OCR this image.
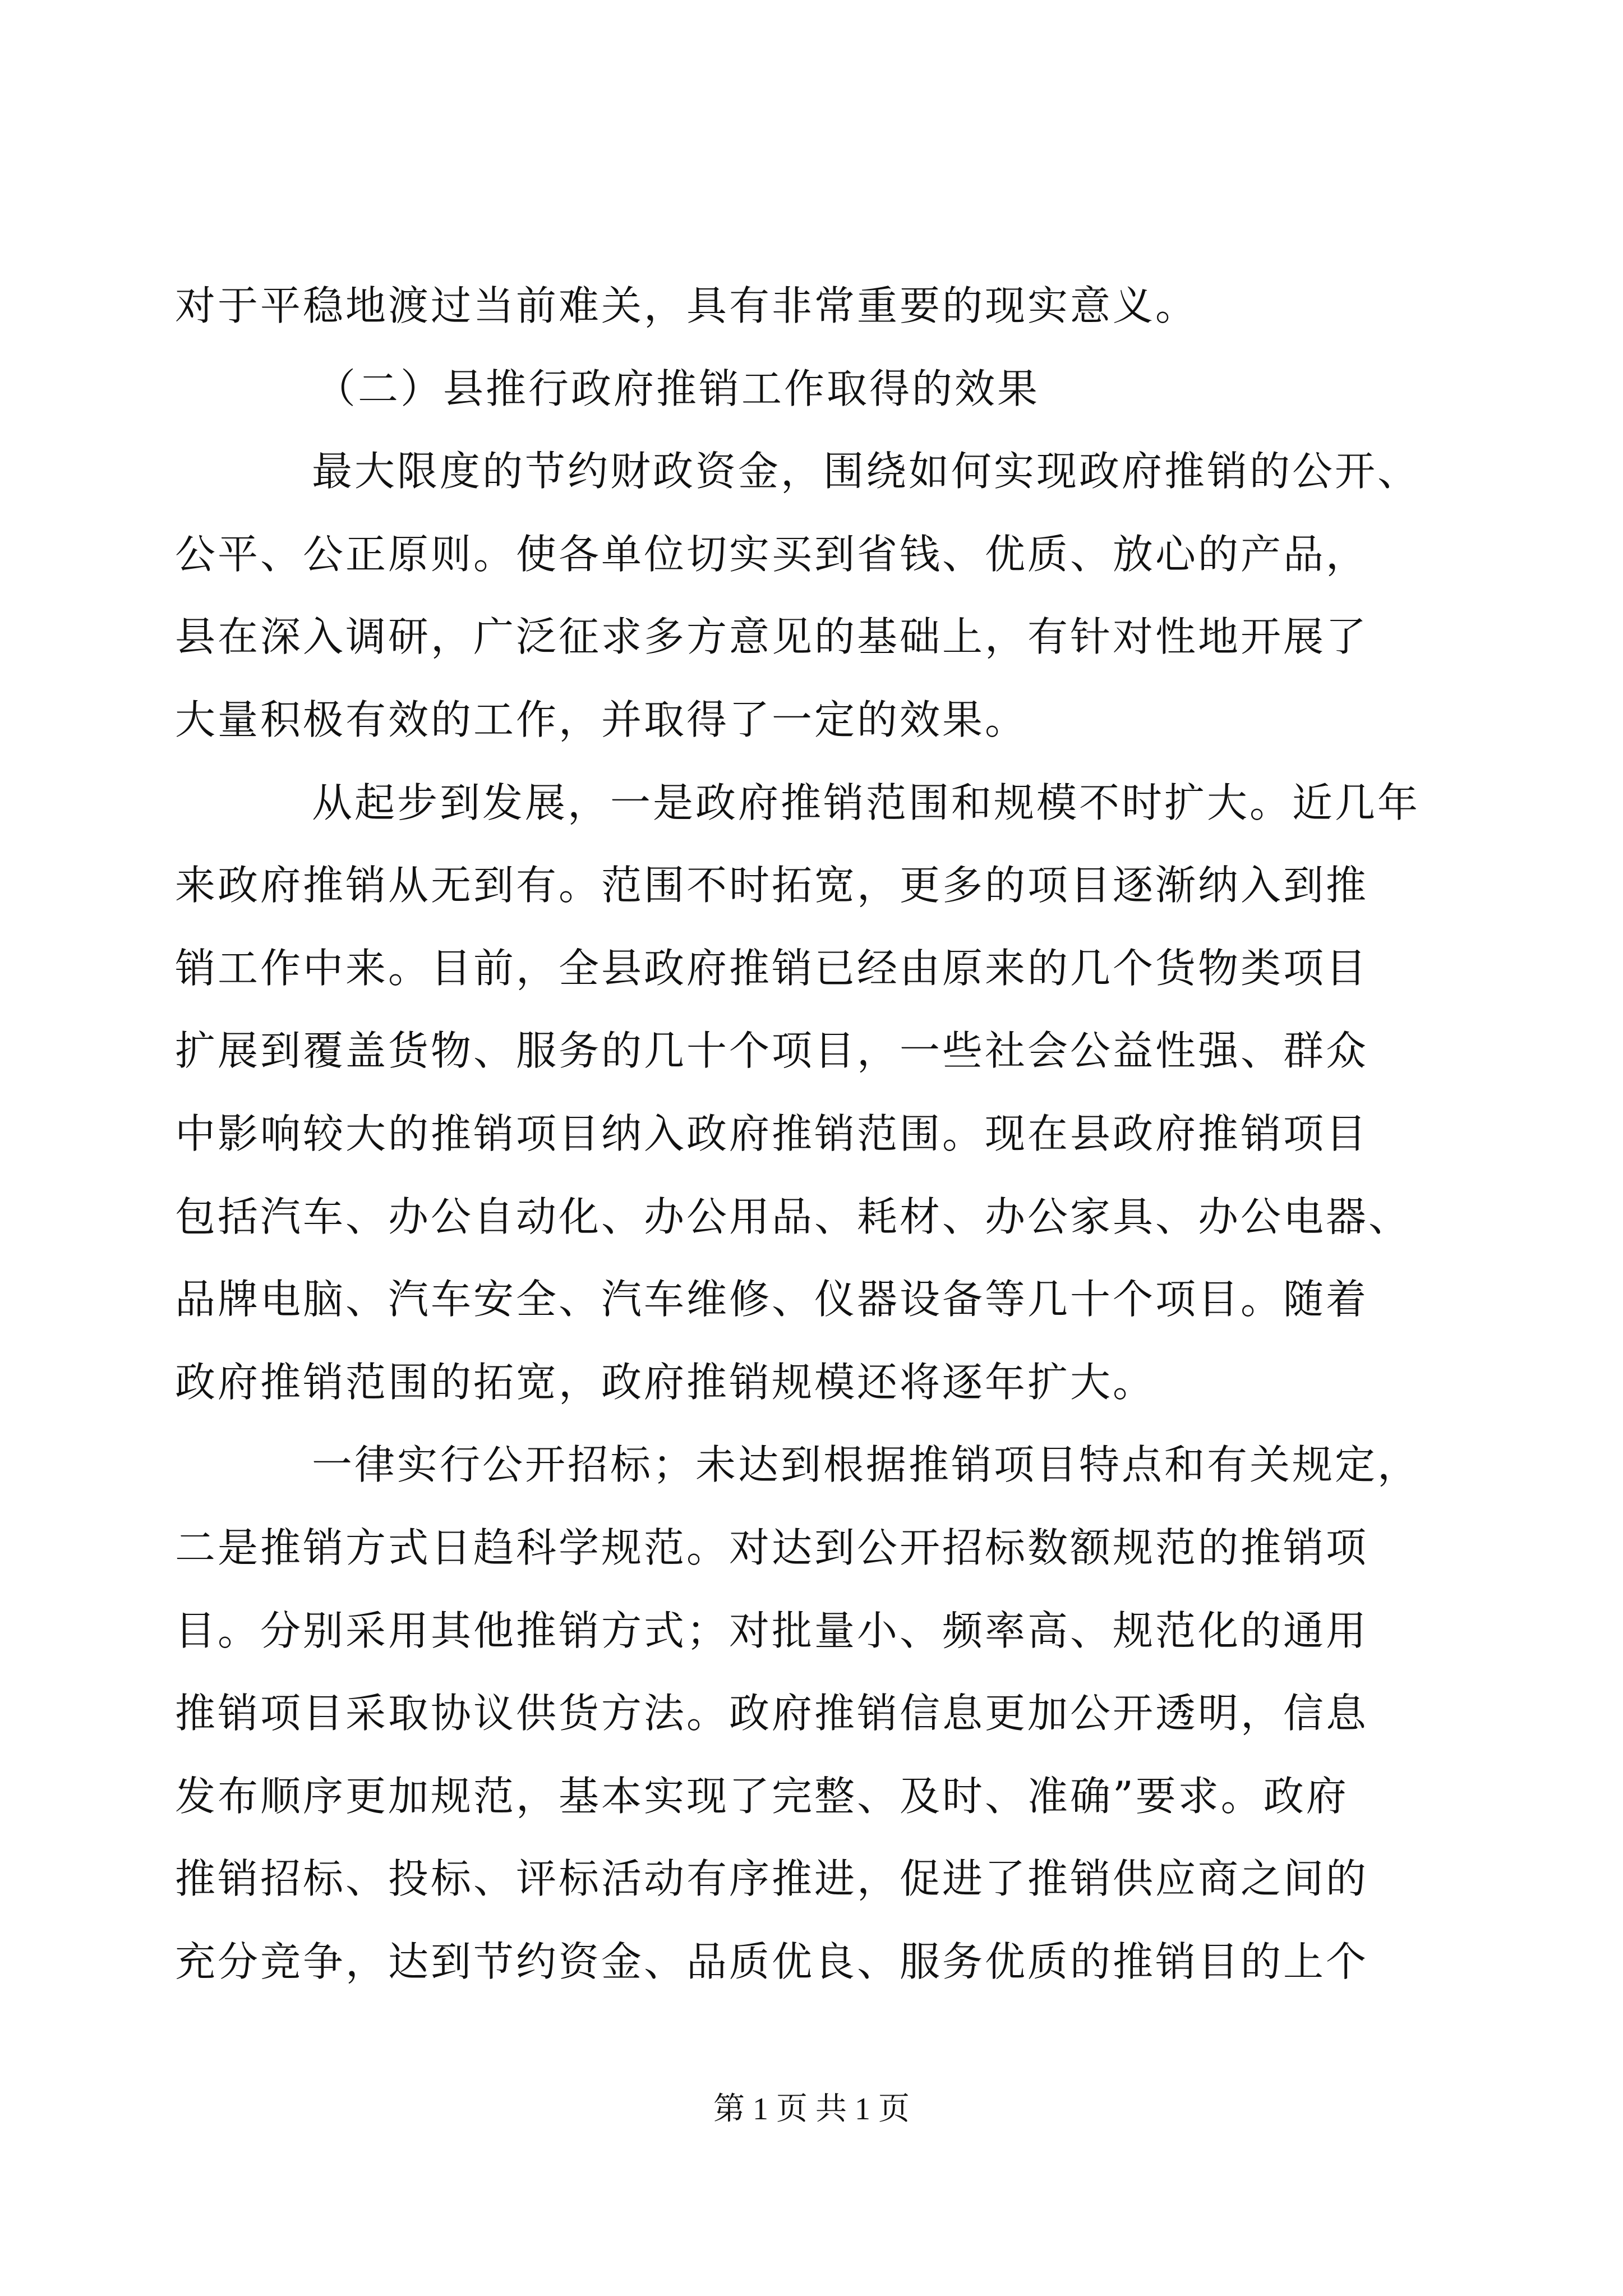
对于平稳地渡过当前难关，具有非常重要的现实意义。
（二）县推行政府推销工作取得的效果
最大限度的节约财政资金，围绕如何实现政府推销的公开、
公平、公正原则。使各单位切实买到省钱、优质、放心的产品，
县在深入调研，广泛征求多方意见的基础上，有针对性地开展了
大量积极有效的工作，并取得了一定的效果。
从起步到发展，一是政府推销范围和规模不时扩大。近几年
来政府推销从无到有。范围不时拓宽，更多的项目逐渐纳入到推
销工作中来。目前，全县政府推销已经由原来的几个货物类项目
扩展到覆盖货物、服务的几十个项目，一些社会公益性强、群众
中影响较大的推销项目纳入政府推销范围。现在县政府推销项目
包括汽车、办公自动化、办公用品、耗材、办公家具、办公电器、
品牌电脑、汽车安全、汽车维修、仪器设备等几十个项目。随着
政府推销范围的拓宽，政府推销规模还将逐年扩大。
一律实行公开招标；未达到根据推销项目特点和有关规定，
二是推销方式日趋科学规范。对达到公开招标数额规范的推销项
目。分别采用其他推销方式；对批量小、频率高、规范化的通用
推销项目采取协议供货方法。政府推销信息更加公开透明，信息
发布顺序更加规范，基本实现了完整、及时、准确”要求。政府
推销招标、投标、评标活动有序推进，促进了推销供应商之间的
充分竞争，达到节约资金、品质优良、服务优质的推销目的上个
第 1 页 共 1 页
